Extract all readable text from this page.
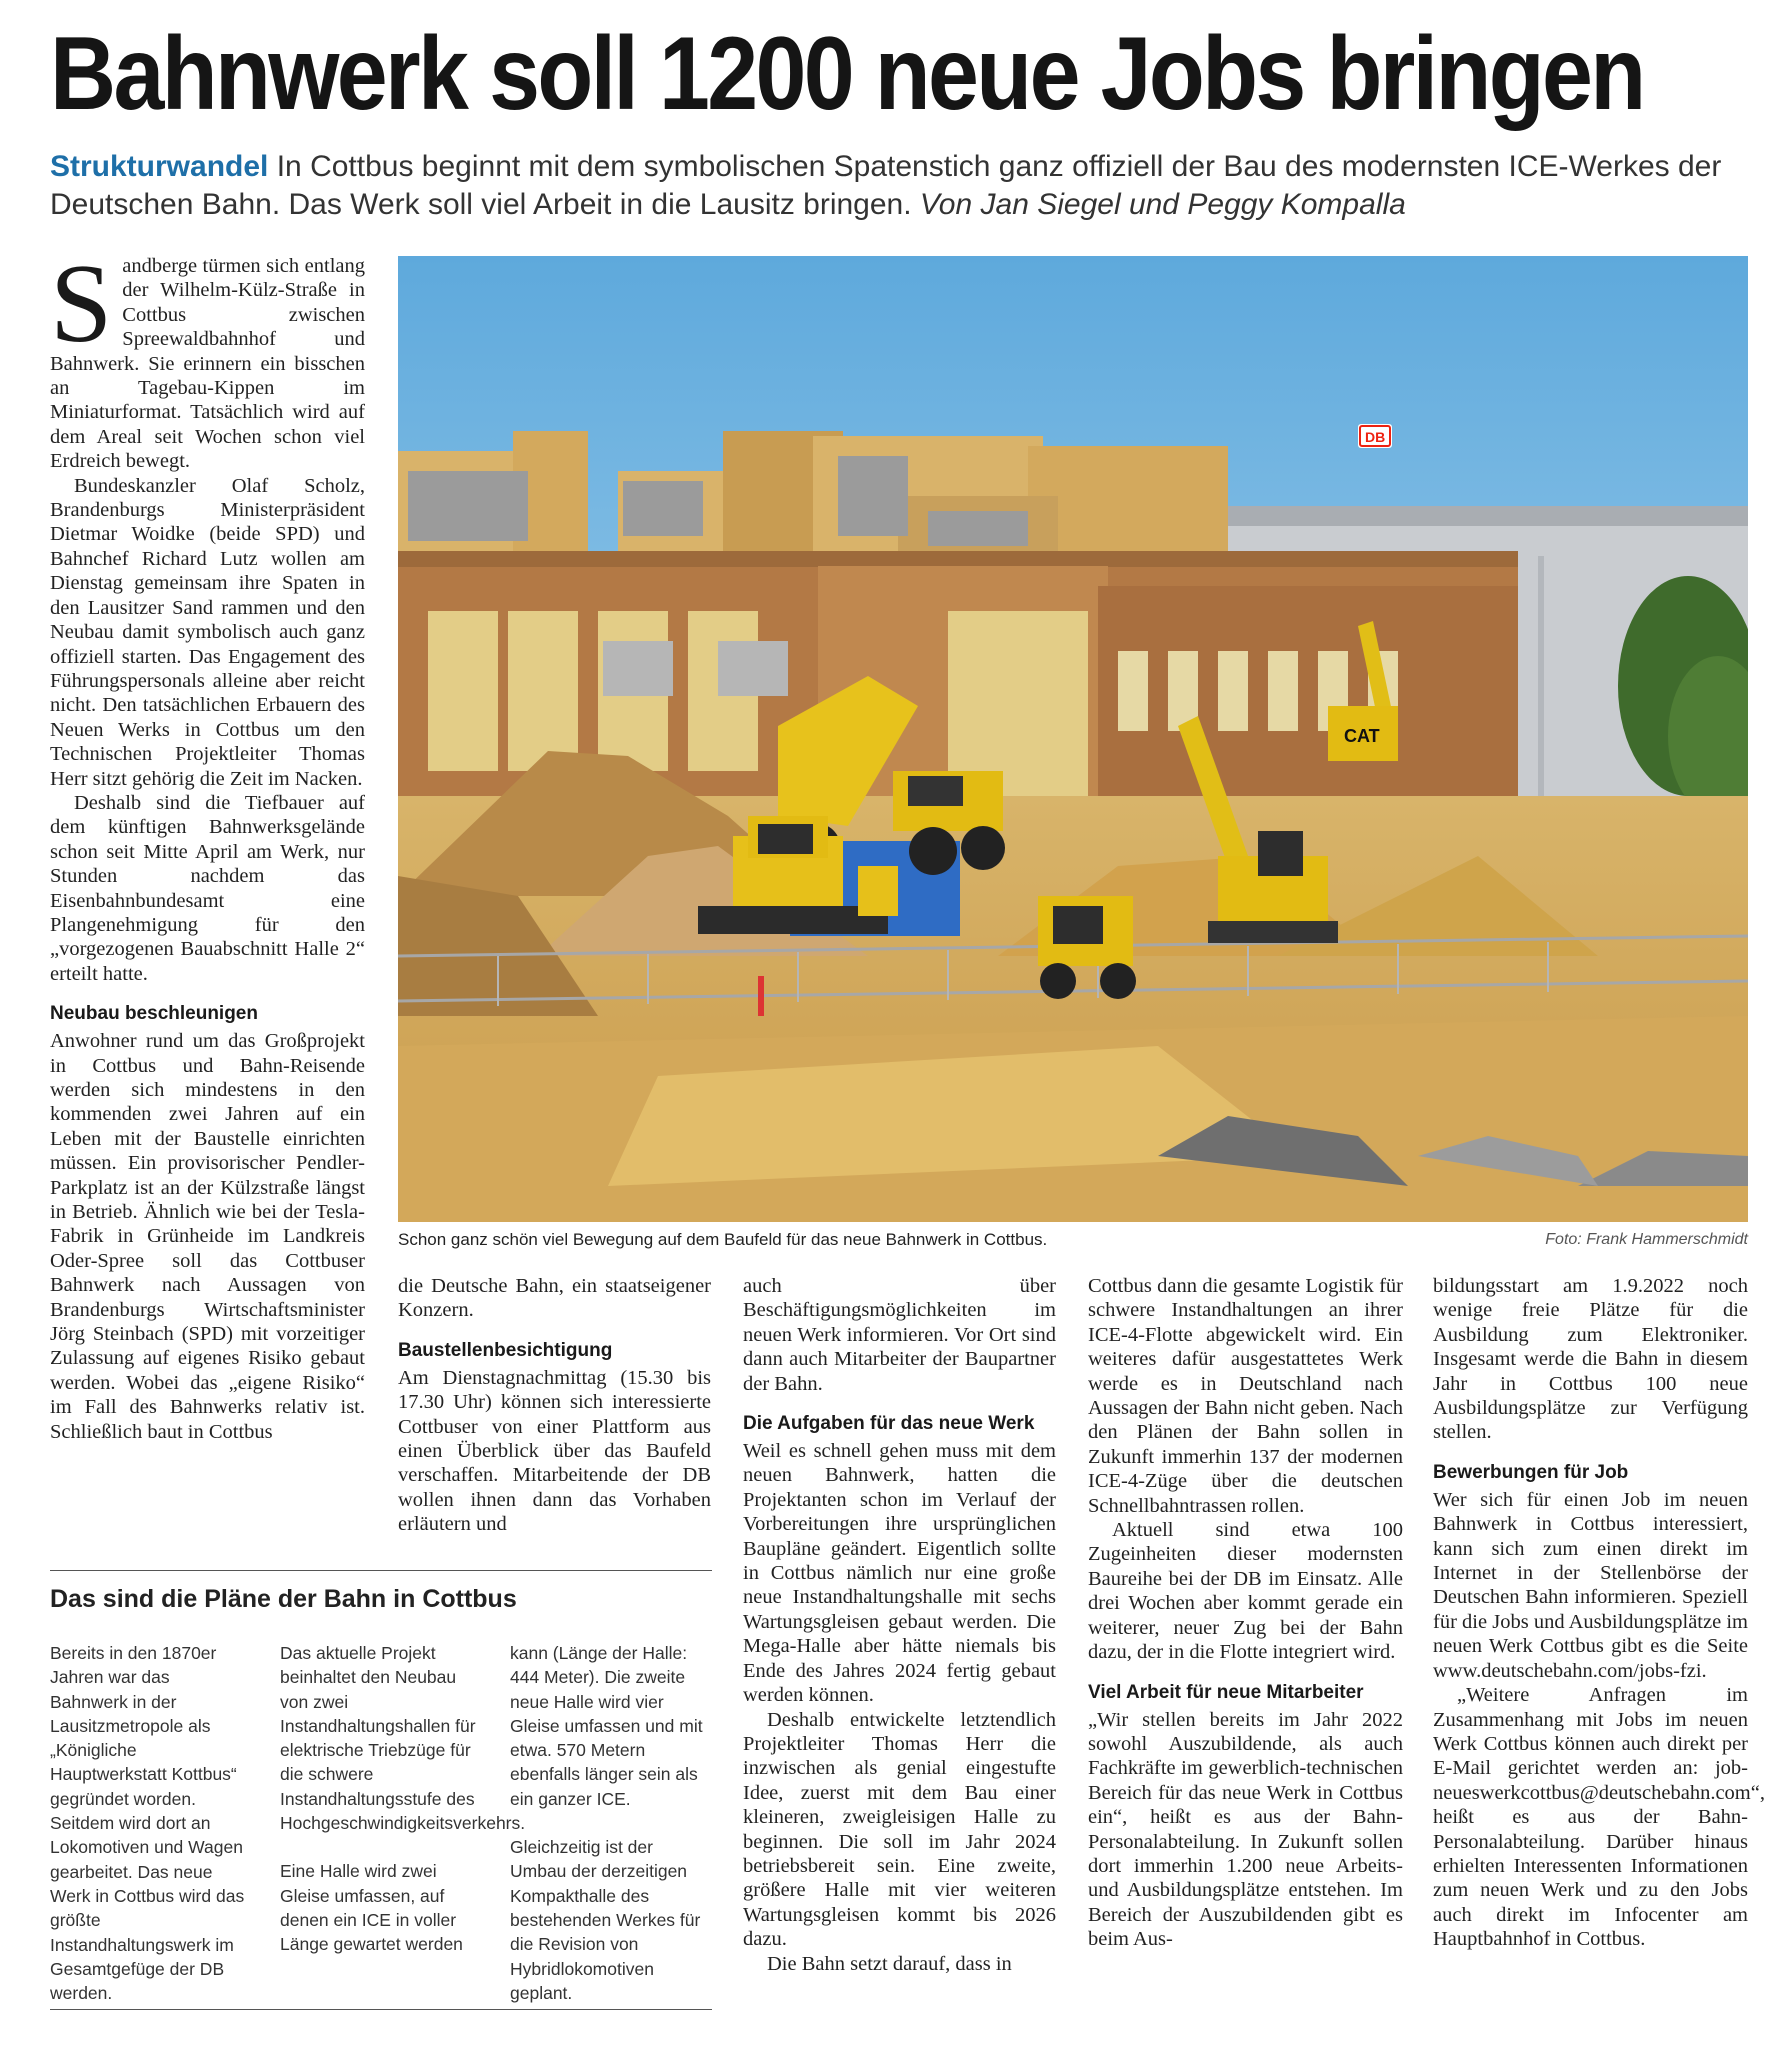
Bahnwerk soll 1200 neue Jobs bringen
Strukturwandel In Cottbus beginnt mit dem symbolischen Spatenstich ganz offiziell der Bau des modernsten ICE-Werkes der Deutschen Bahn. Das Werk soll viel Arbeit in die Lausitz bringen. Von Jan Siegel und Peggy Kompalla

Sandberge türmen sich entlang der Wilhelm-Külz-Straße in Cottbus zwischen Spreewaldbahnhof und Bahnwerk. Sie erinnern ein bisschen an Tagebau-Kippen im Miniaturformat. Tatsächlich wird auf dem Areal seit Wochen schon viel Erdreich bewegt.

Bundeskanzler Olaf Scholz, Brandenburgs Ministerpräsident Dietmar Woidke (beide SPD) und Bahnchef Richard Lutz wollen am Dienstag gemeinsam ihre Spaten in den Lausitzer Sand rammen und den Neubau damit symbolisch auch ganz offiziell starten. Das Engagement des Führungspersonals alleine aber reicht nicht. Den tatsächlichen Erbauern des Neuen Werks in Cottbus um den Technischen Projektleiter Thomas Herr sitzt gehörig die Zeit im Nacken.

Deshalb sind die Tiefbauer auf dem künftigen Bahnwerksgelände schon seit Mitte April am Werk, nur Stunden nachdem das Eisenbahnbundesamt eine Plangenehmigung für den „vorgezogenen Bauabschnitt Halle 2“ erteilt hatte.

Neubau beschleunigen

Anwohner rund um das Großprojekt in Cottbus und Bahn-Reisende werden sich mindestens in den kommenden zwei Jahren auf ein Leben mit der Baustelle einrichten müssen. Ein provisorischer Pendler-Parkplatz ist an der Külzstraße längst in Betrieb. Ähnlich wie bei der Tesla-Fabrik in Grünheide im Landkreis Oder-Spree soll das Cottbuser Bahnwerk nach Aussagen von Brandenburgs Wirtschaftsminister Jörg Steinbach (SPD) mit vorzeitiger Zulassung auf eigenes Risiko gebaut werden. Wobei das „eigene Risiko“ im Fall des Bahnwerks relativ ist. Schließlich baut in Cottbus

CAT
DB
Schon ganz schön viel Bewegung auf dem Baufeld für das neue Bahnwerk in Cottbus.	Foto: Frank Hammerschmidt

die Deutsche Bahn, ein staatseigener Konzern.

Baustellenbesichtigung

Am Dienstagnachmittag (15.30 bis 17.30 Uhr) können sich interessierte Cottbuser von einer Plattform aus einen Überblick über das Baufeld verschaffen. Mitarbeitende der DB wollen ihnen dann das Vorhaben erläutern und

auch über Beschäftigungsmöglichkeiten im neuen Werk informieren. Vor Ort sind dann auch Mitarbeiter der Baupartner der Bahn.

Die Aufgaben für das neue Werk

Weil es schnell gehen muss mit dem neuen Bahnwerk, hatten die Projektanten schon im Verlauf der Vorbereitungen ihre ursprünglichen Baupläne geändert. Eigentlich sollte in Cottbus nämlich nur eine große neue Instandhaltungshalle mit sechs Wartungsgleisen gebaut werden. Die Mega-Halle aber hätte niemals bis Ende des Jahres 2024 fertig gebaut werden können.

Deshalb entwickelte letztendlich Projektleiter Thomas Herr die inzwischen als genial eingestufte Idee, zuerst mit dem Bau einer kleineren, zweigleisigen Halle zu beginnen. Die soll im Jahr 2024 betriebsbereit sein. Eine zweite, größere Halle mit vier weiteren Wartungsgleisen kommt bis 2026 dazu.

Die Bahn setzt darauf, dass in

Cottbus dann die gesamte Logistik für schwere Instandhaltungen an ihrer ICE-4-Flotte abgewickelt wird. Ein weiteres dafür ausgestattetes Werk werde es in Deutschland nach Aussagen der Bahn nicht geben. Nach den Plänen der Bahn sollen in Zukunft immerhin 137 der modernen ICE-4-Züge über die deutschen Schnellbahntrassen rollen.

Aktuell sind etwa 100 Zugeinheiten dieser modernsten Baureihe bei der DB im Einsatz. Alle drei Wochen aber kommt gerade ein weiterer, neuer Zug bei der Bahn dazu, der in die Flotte integriert wird.

Viel Arbeit für neue Mitarbeiter

„Wir stellen bereits im Jahr 2022 sowohl Auszubildende, als auch Fachkräfte im gewerblich-technischen Bereich für das neue Werk in Cottbus ein“, heißt es aus der Bahn-Personalabteilung. In Zukunft sollen dort immerhin 1.200 neue Arbeits- und Ausbildungsplätze entstehen. Im Bereich der Auszubildenden gibt es beim Aus-

bildungsstart am 1.9.2022 noch wenige freie Plätze für die Ausbildung zum Elektroniker. Insgesamt werde die Bahn in diesem Jahr in Cottbus 100 neue Ausbildungsplätze zur Verfügung stellen.

Bewerbungen für Job

Wer sich für einen Job im neuen Bahnwerk in Cottbus interessiert, kann sich zum einen direkt im Internet in der Stellenbörse der Deutschen Bahn informieren. Speziell für die Jobs und Ausbildungsplätze im neuen Werk Cottbus gibt es die Seite www.deutschebahn.com/jobs-fzi.

„Weitere Anfragen im Zusammenhang mit Jobs im neuen Werk Cottbus können auch direkt per E-Mail gerichtet werden an: job-neueswerkcottbus@deutschebahn.com“, heißt es aus der Bahn-Personalabteilung. Darüber hinaus erhielten Interessenten Informationen zum neuen Werk und zu den Jobs auch direkt im Infocenter am Hauptbahnhof in Cottbus.

Das sind die Pläne der Bahn in Cottbus

Bereits in den 1870er Jahren war das Bahnwerk in der Lausitzmetropole als „Königliche Hauptwerkstatt Kottbus“ gegründet worden. Seitdem wird dort an Lokomotiven und Wagen gearbeitet. Das neue Werk in Cottbus wird das größte Instandhaltungswerk im Gesamtgefüge der DB werden.

Das aktuelle Projekt beinhaltet den Neubau von zwei Instandhaltungshallen für elektrische Triebzüge für die schwere Instandhaltungsstufe des Hochgeschwindigkeitsverkehrs.

Eine Halle wird zwei Gleise umfassen, auf denen ein ICE in voller Länge gewartet werden

kann (Länge der Halle: 444 Meter). Die zweite neue Halle wird vier Gleise umfassen und mit etwa. 570 Metern ebenfalls länger sein als ein ganzer ICE.

Gleichzeitig ist der Umbau der derzeitigen Kompakthalle des bestehenden Werkes für die Revision von Hybridlokomotiven geplant.
